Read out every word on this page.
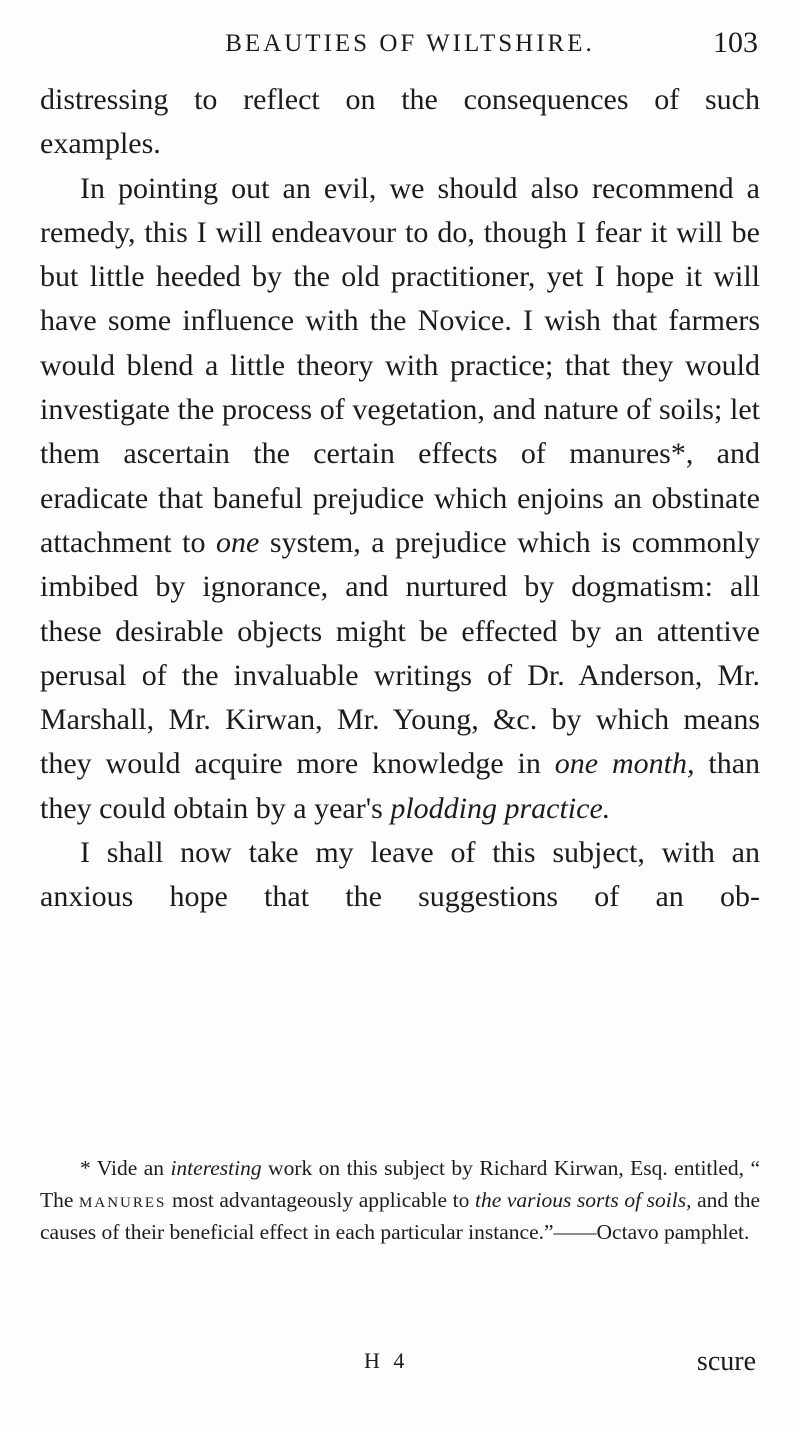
BEAUTIES OF WILTSHIRE.	103

distressing to reflect on the consequences of such examples.

In pointing out an evil, we should also recommend a remedy, this I will endeavour to do, though I fear it will be but little heeded by the old practitioner, yet I hope it will have some influence with the Novice. I wish that farmers would blend a little theory with practice; that they would investigate the process of vegetation, and nature of soils; let them ascertain the certain effects of manures*, and eradicate that baneful prejudice which enjoins an obstinate attachment to one system, a prejudice which is commonly imbibed by ignorance, and nurtured by dogmatism: all these desirable objects might be effected by an attentive perusal of the invaluable writings of Dr. Anderson, Mr. Marshall, Mr. Kirwan, Mr. Young, &c. by which means they would acquire more knowledge in one month, than they could obtain by a year's plodding practice.

I shall now take my leave of this subject, with an anxious hope that the suggestions of an ob-

* Vide an interesting work on this subject by Richard Kirwan, Esq. entitled, “ The manures most advantageously applicable to the various sorts of soils, and the causes of their beneficial effect in each particular instance.”——Octavo pamphlet.

H 4	scure
